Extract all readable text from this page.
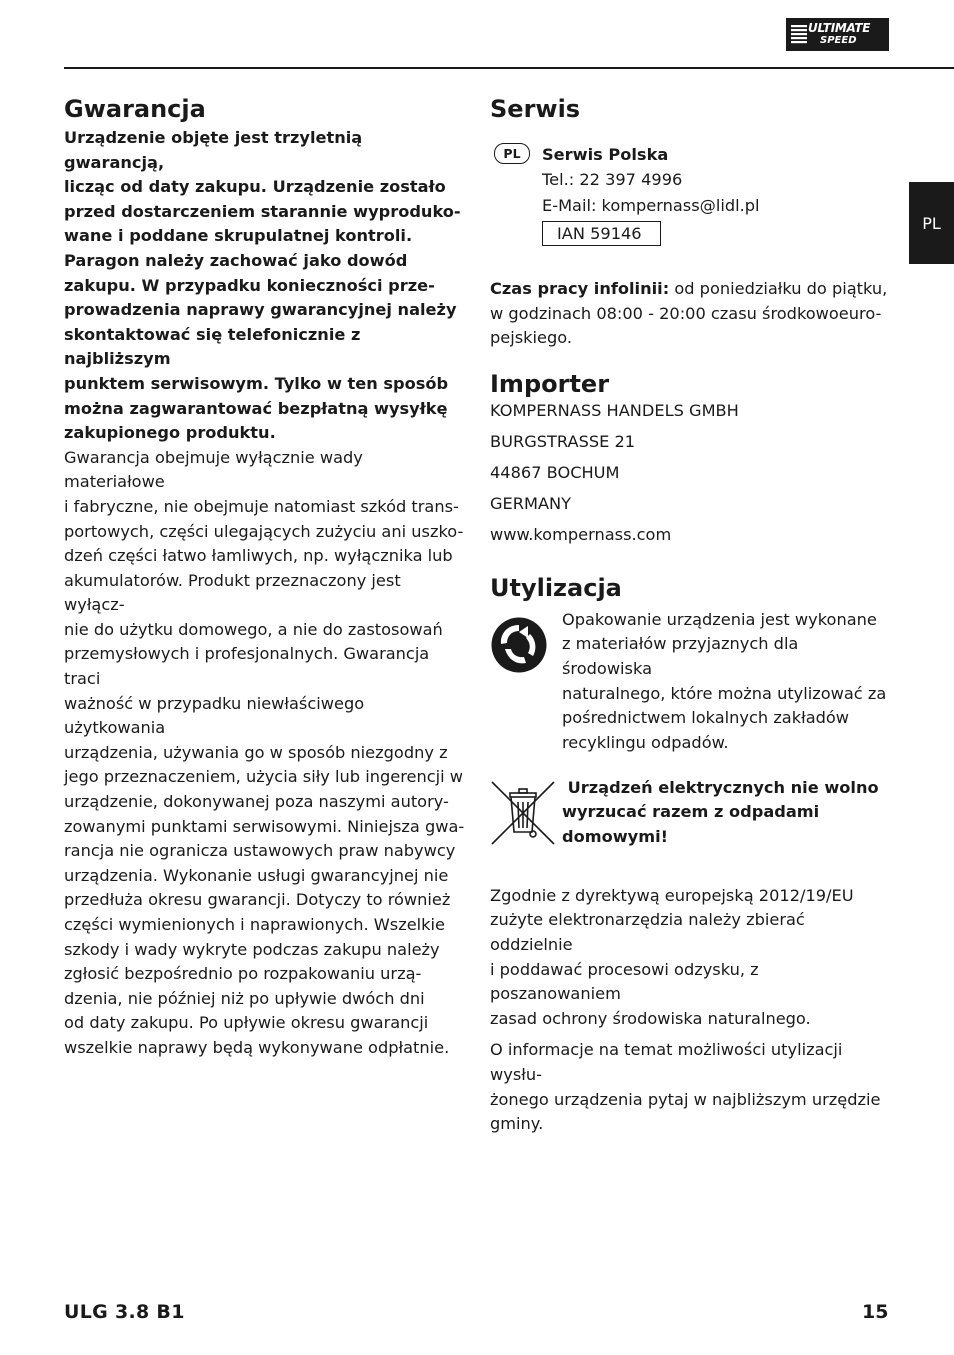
ULTIMATE
SPEED
PL
Gwarancja
Urządzenie objęte jest trzyletnią gwarancją,
licząc od daty zakupu. Urządzenie zostało
przed dostarczeniem starannie wyproduko-
wane i poddane skrupulatnej kontroli.
Paragon należy zachować jako dowód
zakupu. W przypadku konieczności prze-
prowadzenia naprawy gwarancyjnej należy
skontaktować się telefonicznie z najbliższym
punktem serwisowym. Tylko w ten sposób
można zagwarantować bezpłatną wysyłkę
zakupionego produktu.
Gwarancja obejmuje wyłącznie wady materiałowe
i fabryczne, nie obejmuje natomiast szkód trans-
portowych, części ulegających zużyciu ani uszko-
dzeń części łatwo łamliwych, np. wyłącznika lub
akumulatorów. Produkt przeznaczony jest wyłącz-
nie do użytku domowego, a nie do zastosowań
przemysłowych i profesjonalnych. Gwarancja traci
ważność w przypadku niewłaściwego użytkowania
urządzenia, używania go w sposób niezgodny z
jego przeznaczeniem, użycia siły lub ingerencji w
urządzenie, dokonywanej poza naszymi autory-
zowanymi punktami serwisowymi. Niniejsza gwa-
rancja nie ogranicza ustawowych praw nabywcy
urządzenia. Wykonanie usługi gwarancyjnej nie
przedłuża okresu gwarancji. Dotyczy to również
części wymienionych i naprawionych. Wszelkie
szkody i wady wykryte podczas zakupu należy
zgłosić bezpośrednio po rozpakowaniu urzą-
dzenia, nie później niż po upływie dwóch dni
od daty zakupu. Po upływie okresu gwarancji
wszelkie naprawy będą wykonywane odpłatnie.
Serwis
PL	Serwis Polska
Tel.: 22 397 4996
E-Mail: kompernass@lidl.pl
IAN 59146
Czas pracy infolinii: od poniedziałku do piątku,
w godzinach 08:00 - 20:00 czasu środkowoeuro-
pejskiego.
Importer
KOMPERNASS HANDELS GMBH
BURGSTRASSE 21
44867 BOCHUM
GERMANY
www.kompernass.com
Utylizacja
Opakowanie urządzenia jest wykonane
z materiałów przyjaznych dla środowiska
naturalnego, które można utylizować za
pośrednictwem lokalnych zakładów
recyklingu odpadów.
Urządzeń elektrycznych nie wolno
wyrzucać razem z odpadami
domowymi!
Zgodnie z dyrektywą europejską 2012/19/EU
zużyte elektronarzędzia należy zbierać oddzielnie
i poddawać procesowi odzysku, z poszanowaniem
zasad ochrony środowiska naturalnego.
O informacje na temat możliwości utylizacji wysłu-
żonego urządzenia pytaj w najbliższym urzędzie
gminy.
ULG 3.8 B1	15
